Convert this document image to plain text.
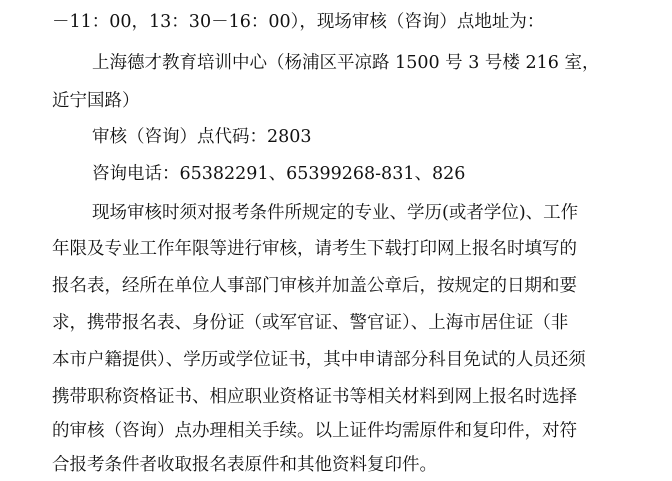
－11：00，13：30－16：00），现场审核（咨询）点地址为：
上海德才教育培训中心（杨浦区平凉路 1500 号 3 号楼 216 室，
近宁国路）
审核（咨询）点代码：2803
咨询电话：65382291、65399268-831、826
现场审核时须对报考条件所规定的专业、学历(或者学位)、工作
年限及专业工作年限等进行审核，请考生下载打印网上报名时填写的
报名表，经所在单位人事部门审核并加盖公章后，按规定的日期和要
求，携带报名表、身份证（或军官证、警官证）、上海市居住证（非
本市户籍提供）、学历或学位证书，其中申请部分科目免试的人员还须
携带职称资格证书、相应职业资格证书等相关材料到网上报名时选择
的审核（咨询）点办理相关手续。以上证件均需原件和复印件，对符
合报考条件者收取报名表原件和其他资料复印件。
